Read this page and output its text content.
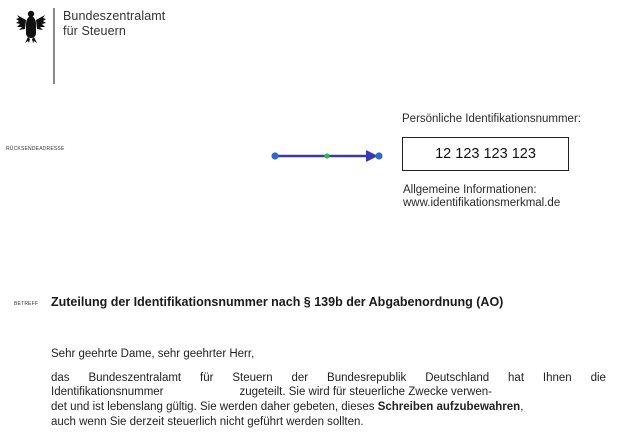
Bundeszentralamt
für Steuern
RÜCKSENDEADRESSE
Persönliche Identifikationsnummer:
12 123 123 123
Allgemeine Informationen:
www.identifikationsmerkmal.de
BETREFF Zuteilung der Identifikationsnummer nach § 139b der Abgabenordnung (AO)
Sehr geehrte Dame, sehr geehrter Herr,
das Bundeszentralamt für Steuern der Bundesrepublik Deutschland hat Ihnen die
Identifikationsnummer	zugeteilt. Sie wird für steuerliche Zwecke verwen-
det und ist lebenslang gültig. Sie werden daher gebeten, dieses Schreiben aufzubewahren,
auch wenn Sie derzeit steuerlich nicht geführt werden sollten.
